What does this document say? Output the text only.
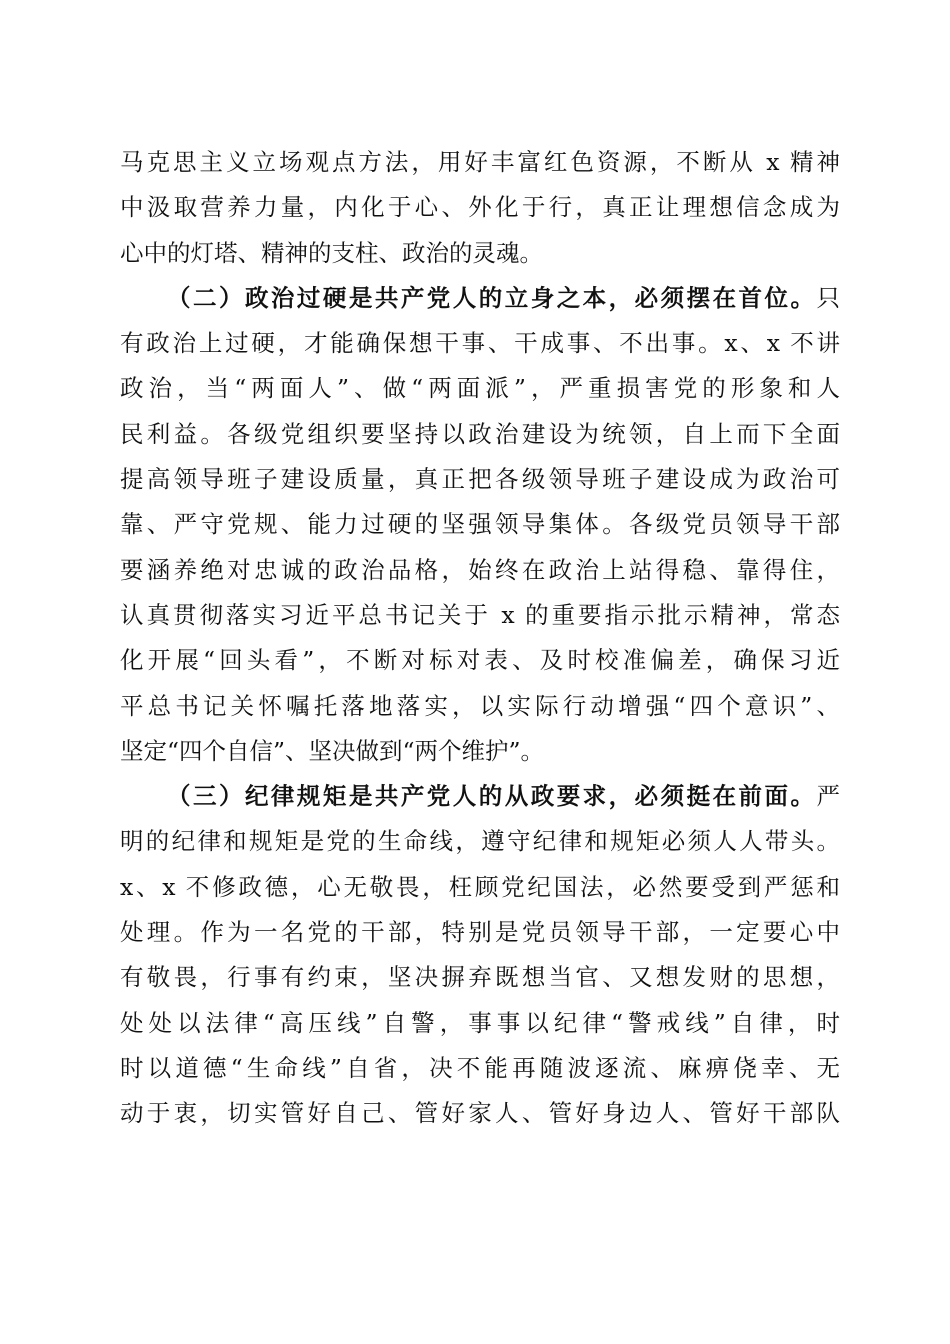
马克思主义立场观点方法，用好丰富红色资源，不断从 x 精神
中汲取营养力量，内化于心、外化于行，真正让理想信念成为
心中的灯塔、精神的支柱、政治的灵魂。
（二）政治过硬是共产党人的立身之本，必须摆在首位。只
有政治上过硬，才能确保想干事、干成事、不出事。x、x 不讲
政治，当“两面人”、做“两面派”，严重损害党的形象和人
民利益。各级党组织要坚持以政治建设为统领，自上而下全面
提高领导班子建设质量，真正把各级领导班子建设成为政治可
靠、严守党规、能力过硬的坚强领导集体。各级党员领导干部
要涵养绝对忠诚的政治品格，始终在政治上站得稳、靠得住，
认真贯彻落实习近平总书记关于 x 的重要指示批示精神，常态
化开展“回头看”，不断对标对表、及时校准偏差，确保习近
平总书记关怀嘱托落地落实，以实际行动增强“四个意识”、
坚定“四个自信”、坚决做到“两个维护”。
（三）纪律规矩是共产党人的从政要求，必须挺在前面。严
明的纪律和规矩是党的生命线，遵守纪律和规矩必须人人带头。
x、x 不修政德，心无敬畏，枉顾党纪国法，必然要受到严惩和
处理。作为一名党的干部，特别是党员领导干部，一定要心中
有敬畏，行事有约束，坚决摒弃既想当官、又想发财的思想，
处处以法律“高压线”自警，事事以纪律“警戒线”自律，时
时以道德“生命线”自省，决不能再随波逐流、麻痹侥幸、无
动于衷，切实管好自己、管好家人、管好身边人、管好干部队
